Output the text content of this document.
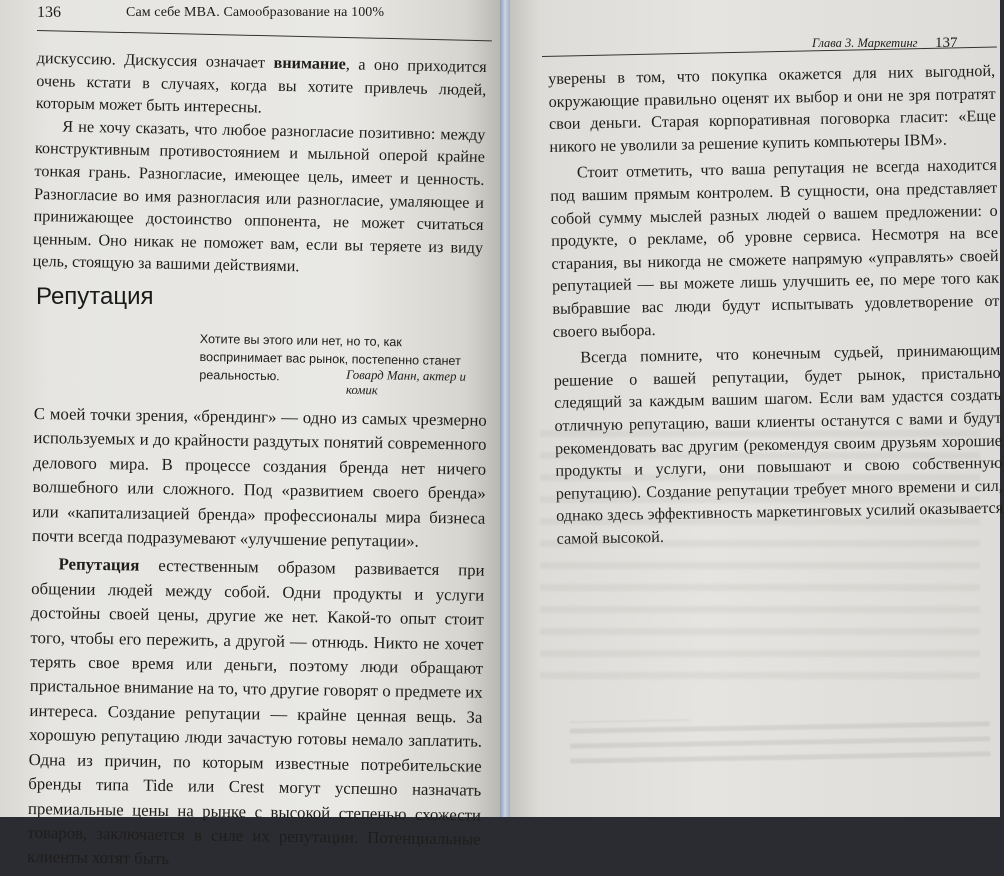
136	Сам себе MBA. Самообразование на 100%

дискуссию. Дискуссия означает внимание, а оно приходится очень кстати в случаях, когда вы хотите привлечь людей, которым может быть интересны.

Я не хочу сказать, что любое разногласие позитивно: между конструктивным противостоянием и мыльной оперой крайне тонкая грань. Разногласие, имеющее цель, имеет и ценность. Разногласие во имя разногласия или разногласие, умаляющее и принижающее достоинство оппонента, не может считаться ценным. Оно никак не поможет вам, если вы теряете из виду цель, стоящую за вашими действиями.

Репутация
Хотите вы этого или нет, но то, как воспринимает вас рынок, постепенно станет реальностью.	Говард Манн, актер и комик

С моей точки зрения, «брендинг» — одно из самых чрезмерно используемых и до крайности раздутых понятий современного делового мира. В процессе создания бренда нет ничего волшебного или сложного. Под «развитием своего бренда» или «капитализацией бренда» профессионалы мира бизнеса почти всегда подразумевают «улучшение репутации».

Репутация естественным образом развивается при общении людей между собой. Одни продукты и услуги достойны своей цены, другие же нет. Какой-то опыт стоит того, чтобы его пережить, а другой — отнюдь. Никто не хочет терять свое время или деньги, поэтому люди обращают пристальное внимание на то, что другие говорят о предмете их интереса. Создание репутации — крайне ценная вещь. За хорошую репутацию люди зачастую готовы немало заплатить. Одна из причин, по которым известные потребительские бренды типа Tide или Crest могут успешно назначать премиальные цены на рынке с высокой степенью схожести товаров, заключается в силе их репутации. Потенциальные клиенты хотят быть

Глава 3. Маркетинг 137

уверены в том, что покупка окажется для них выгодной, окружающие правильно оценят их выбор и они не зря потратят свои деньги. Старая корпоративная поговорка гласит: «Еще никого не уволили за решение купить компьютеры IBM».

Стоит отметить, что ваша репутация не всегда находится под вашим прямым контролем. В сущности, она представляет собой сумму мыслей разных людей о вашем предложении: о продукте, о рекламе, об уровне сервиса. Несмотря на все старания, вы никогда не сможете напрямую «управлять» своей репутацией — вы можете лишь улучшить ее, по мере того как выбравшие вас люди будут испытывать удовлетворение от своего выбора.

Всегда помните, что конечным судьей, принимающим решение о вашей репутации, будет рынок, пристально следящий за каждым вашим шагом. Если вам удастся создать отличную репутацию, ваши клиенты останутся с вами и будут рекомендовать вас другим (рекомендуя своим друзьям хорошие продукты и услуги, они повышают и свою собственную репутацию). Создание репутации требует много времени и сил, однако здесь эффективность маркетинговых усилий оказывается самой высокой.
